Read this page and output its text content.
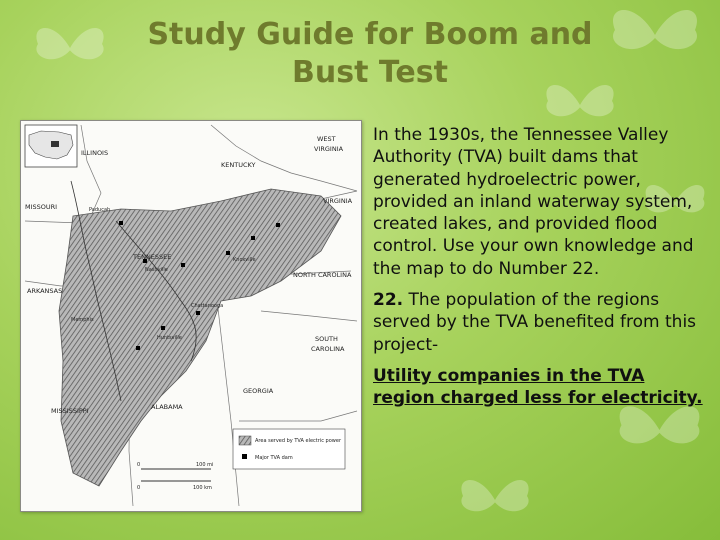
Study Guide for Boom and
Bust Test
ILLINOIS
WEST
VIRGINIA
KENTUCKY
MISSOURI
VIRGINIA
TENNESSEE
NORTH CAROLINA
ARKANSAS
SOUTH
CAROLINA
MISSISSIPPI	ALABAMA
GEORGIA
Paducah
Nashville
Knoxville
Chattanooga
Memphis
Huntsville
Area served by TVA electric power
Major TVA dam
0	100 mi
0	100 km

In the 1930s, the Tennessee Valley Authority (TVA) built dams that generated hydroelectric power, provided an inland waterway system, created lakes, and provided flood control. Use your own knowledge and the map to do Number 22.

22. The population of the regions served by the TVA benefited from this project-

Utility companies in the TVA region charged less for electricity.
